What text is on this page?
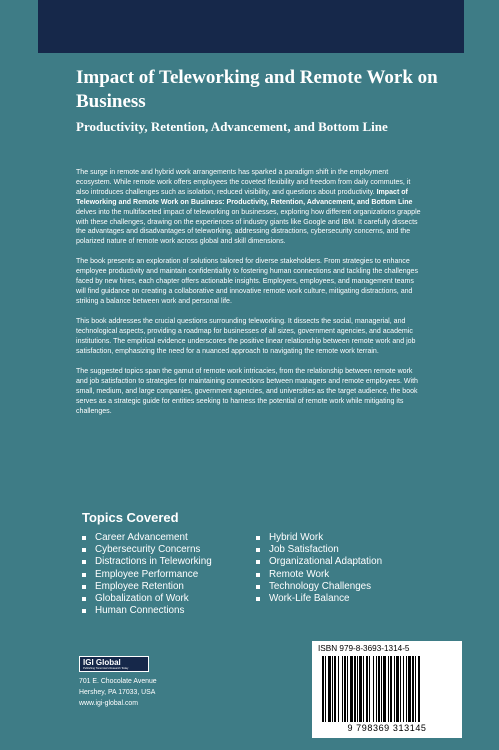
Impact of Teleworking and Remote Work on Business
Productivity, Retention, Advancement, and Bottom Line

The surge in remote and hybrid work arrangements has sparked a paradigm shift in the employment ecosystem. While remote work offers employees the coveted flexibility and freedom from daily commutes, it also introduces challenges such as isolation, reduced visibility, and questions about productivity. Impact of Teleworking and Remote Work on Business: Productivity, Retention, Advancement, and Bottom Line delves into the multifaceted impact of teleworking on businesses, exploring how different organizations grapple with these challenges, drawing on the experiences of industry giants like Google and IBM. It carefully dissects the advantages and disadvantages of teleworking, addressing distractions, cybersecurity concerns, and the polarized nature of remote work across global and skill dimensions.

The book presents an exploration of solutions tailored for diverse stakeholders. From strategies to enhance employee productivity and maintain confidentiality to fostering human connections and tackling the challenges faced by new hires, each chapter offers actionable insights. Employers, employees, and management teams will find guidance on creating a collaborative and innovative remote work culture, mitigating distractions, and striking a balance between work and personal life.

This book addresses the crucial questions surrounding teleworking. It dissects the social, managerial, and technological aspects, providing a roadmap for businesses of all sizes, government agencies, and academic institutions. The empirical evidence underscores the positive linear relationship between remote work and job satisfaction, emphasizing the need for a nuanced approach to navigating the remote work terrain.

The suggested topics span the gamut of remote work intricacies, from the relationship between remote work and job satisfaction to strategies for maintaining connections between managers and remote employees. With small, medium, and large companies, government agencies, and universities as the target audience, the book serves as a strategic guide for entities seeking to harness the potential of remote work while mitigating its challenges.

Topics Covered
Career Advancement
Cybersecurity Concerns
Distractions in Teleworking
Employee Performance
Employee Retention
Globalization of Work
Human Connections
Hybrid Work
Job Satisfaction
Organizational Adaptation
Remote Work
Technology Challenges
Work-Life Balance
IGI Global
Publishing Tomorrow's Research Today
701 E. Chocolate Avenue
Hershey, PA 17033, USA
www.igi-global.com
ISBN 979-8-3693-1314-5
9 798369 313145
